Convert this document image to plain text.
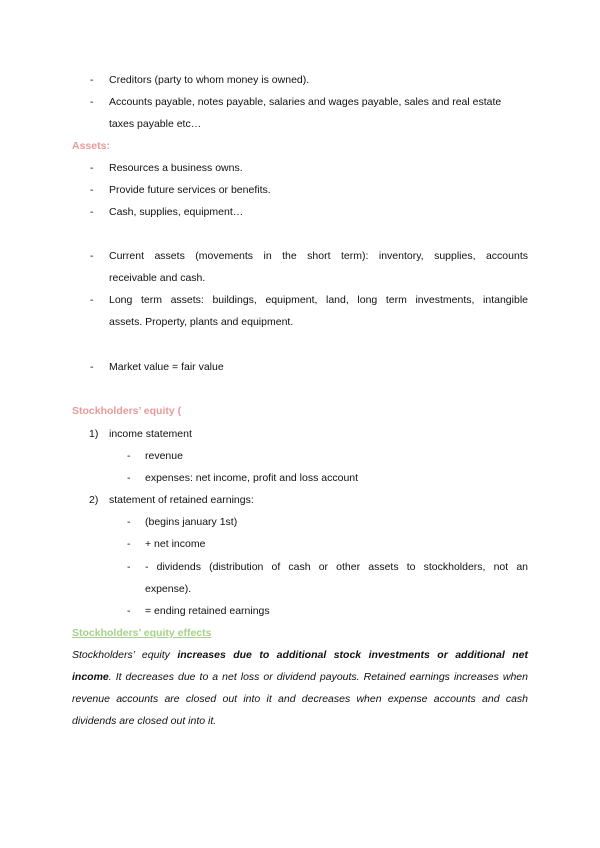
- Creditors (party to whom money is owned).
- Accounts payable, notes payable, salaries and wages payable, sales and real estate
taxes payable etc…
Assets:
- Resources a business owns.
- Provide future services or benefits.
- Cash, supplies, equipment…
- Current assets (movements in the short term): inventory, supplies, accounts
receivable and cash.
- Long term assets: buildings, equipment, land, long term investments, intangible
assets. Property, plants and equipment.
- Market value = fair value
Stockholders’ equity (
1) income statement
- revenue
- expenses: net income, profit and loss account
2) statement of retained earnings:
- (begins january 1st)
- + net income
- - dividends (distribution of cash or other assets to stockholders, not an
expense).
- = ending retained earnings
Stockholders’ equity effects
Stockholders’ equity increases due to additional stock investments or additional net
income. It decreases due to a net loss or dividend payouts. Retained earnings increases when
revenue accounts are closed out into it and decreases when expense accounts and cash
dividends are closed out into it.
